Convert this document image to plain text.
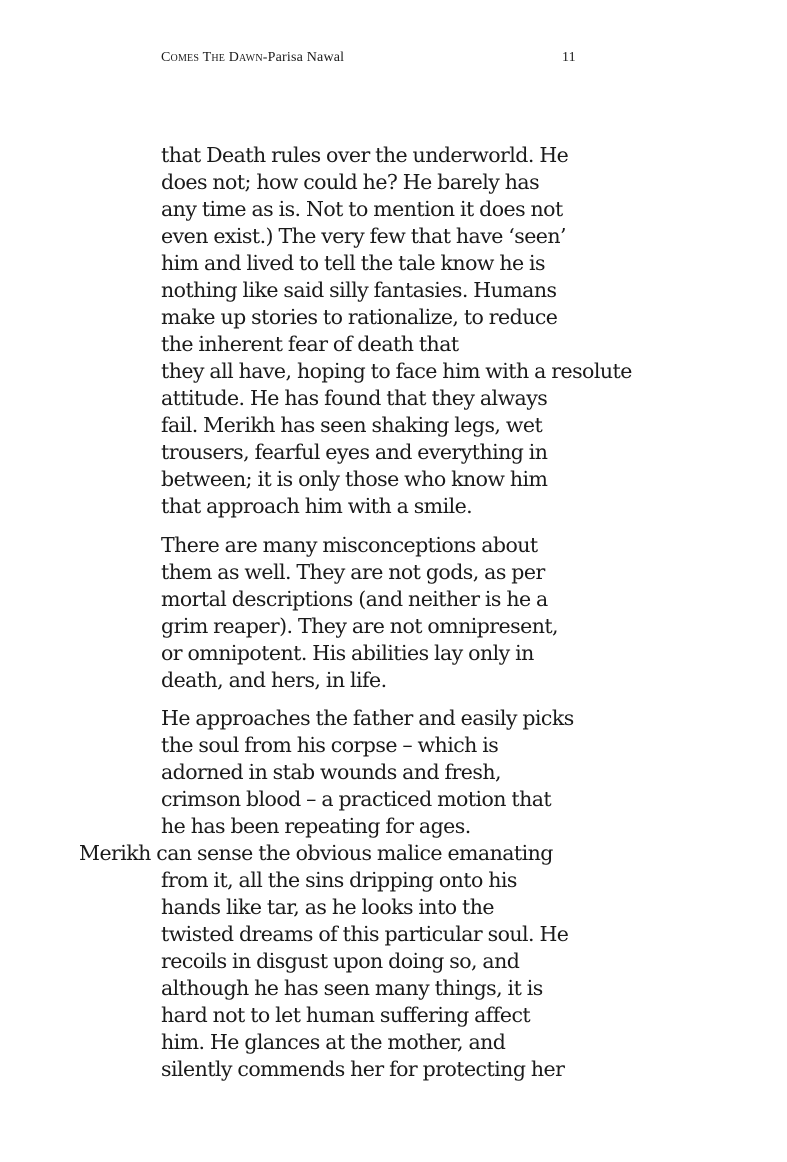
Comes The Dawn-Parisa Nawal	11
that Death rules over the underworld. He
does not; how could he? He barely has
any time as is. Not to mention it does not
even exist.) The very few that have ‘seen’
him and lived to tell the tale know he is
nothing like said silly fantasies. Humans
make up stories to rationalize, to reduce
the inherent fear of death that
they all have, hoping to face him with a resolute
attitude. He has found that they always
fail. Merikh has seen shaking legs, wet
trousers, fearful eyes and everything in
between; it is only those who know him
that approach him with a smile.
There are many misconceptions about
them as well. They are not gods, as per
mortal descriptions (and neither is he a
grim reaper). They are not omnipresent,
or omnipotent. His abilities lay only in
death, and hers, in life.
He approaches the father and easily picks
the soul from his corpse – which is
adorned in stab wounds and fresh,
crimson blood – a practiced motion that
he has been repeating for ages.
Merikh can sense the obvious malice emanating
from it, all the sins dripping onto his
hands like tar, as he looks into the
twisted dreams of this particular soul. He
recoils in disgust upon doing so, and
although he has seen many things, it is
hard not to let human suffering affect
him. He glances at the mother, and
silently commends her for protecting her
